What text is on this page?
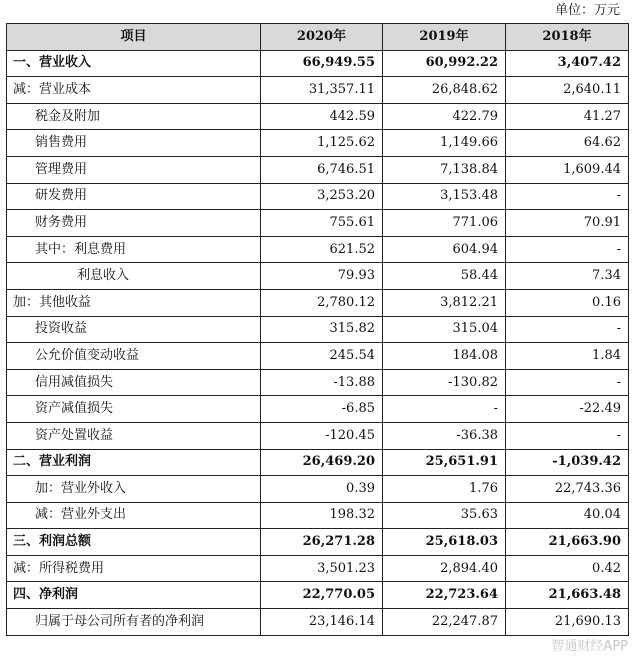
单位：万元
项目	2020年	2019年	2018年
一、营业收入	66,949.55	60,992.22	3,407.42
减：营业成本	31,357.11	26,848.62	2,640.11
税金及附加	442.59	422.79	41.27
销售费用	1,125.62	1,149.66	64.62
管理费用	6,746.51	7,138.84	1,609.44
研发费用	3,253.20	3,153.48	-
财务费用	755.61	771.06	70.91
其中：利息费用	621.52	604.94	-
利息收入	79.93	58.44	7.34
加：其他收益	2,780.12	3,812.21	0.16
投资收益	315.82	315.04	-
公允价值变动收益	245.54	184.08	1.84
信用减值损失	-13.88	-130.82	-
资产减值损失	-6.85	-	-22.49
资产处置收益	-120.45	-36.38	-
二、营业利润	26,469.20	25,651.91	-1,039.42
加：营业外收入	0.39	1.76	22,743.36
减：营业外支出	198.32	35.63	40.04
三、利润总额	26,271.28	25,618.03	21,663.90
减：所得税费用	3,501.23	2,894.40	0.42
四、净利润	22,770.05	22,723.64	21,663.48
归属于母公司所有者的净利润	23,146.14	22,247.87	21,690.13
智通财经APP
